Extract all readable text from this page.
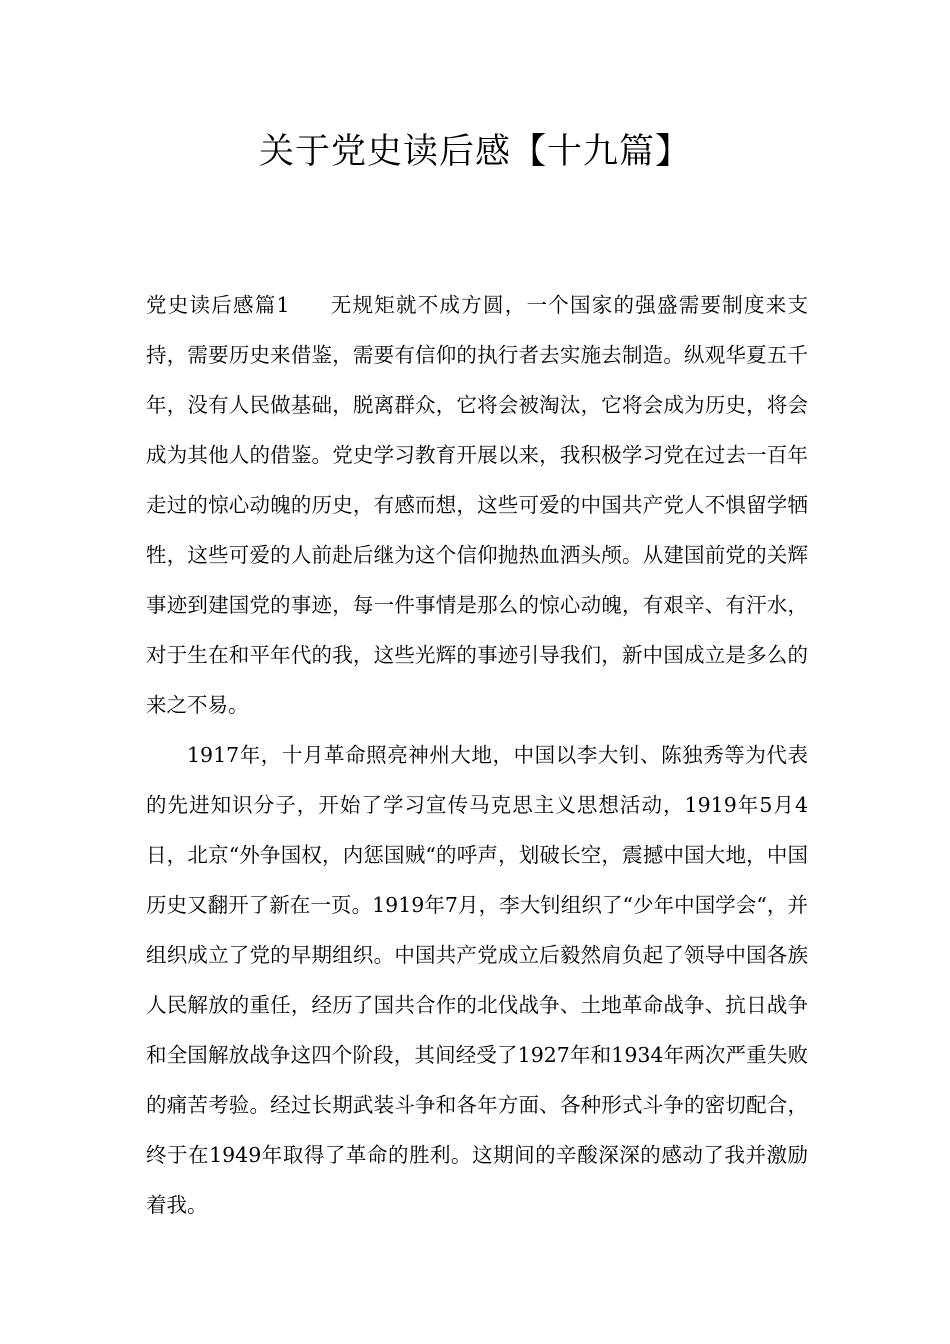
关于党史读后感【十九篇】

党史读后感篇1 无规矩就不成方圆，一个国家的强盛需要制度来支持，需要历史来借鉴，需要有信仰的执行者去实施去制造。纵观华夏五千年，没有人民做基础，脱离群众，它将会被淘汰，它将会成为历史，将会成为其他人的借鉴。党史学习教育开展以来，我积极学习党在过去一百年走过的惊心动魄的历史，有感而想，这些可爱的中国共产党人不惧留学牺牲，这些可爱的人前赴后继为这个信仰抛热血洒头颅。从建国前党的关辉事迹到建国党的事迹，每一件事情是那么的惊心动魄，有艰辛、有汗水，对于生在和平年代的我，这些光辉的事迹引导我们，新中国成立是多么的来之不易。

1917年，十月革命照亮神州大地，中国以李大钊、陈独秀等为代表的先进知识分子，开始了学习宣传马克思主义思想活动，1919年5月4日，北京“外争国权，内惩国贼“的呼声，划破长空，震撼中国大地，中国历史又翻开了新在一页。1919年7月，李大钊组织了“少年中国学会“，并组织成立了党的早期组织。中国共产党成立后毅然肩负起了领导中国各族人民解放的重任，经历了国共合作的北伐战争、土地革命战争、抗日战争和全国解放战争这四个阶段，其间经受了1927年和1934年两次严重失败的痛苦考验。经过长期武装斗争和各年方面、各种形式斗争的密切配合，终于在1949年取得了革命的胜利。这期间的辛酸深深的感动了我并激励着我。
